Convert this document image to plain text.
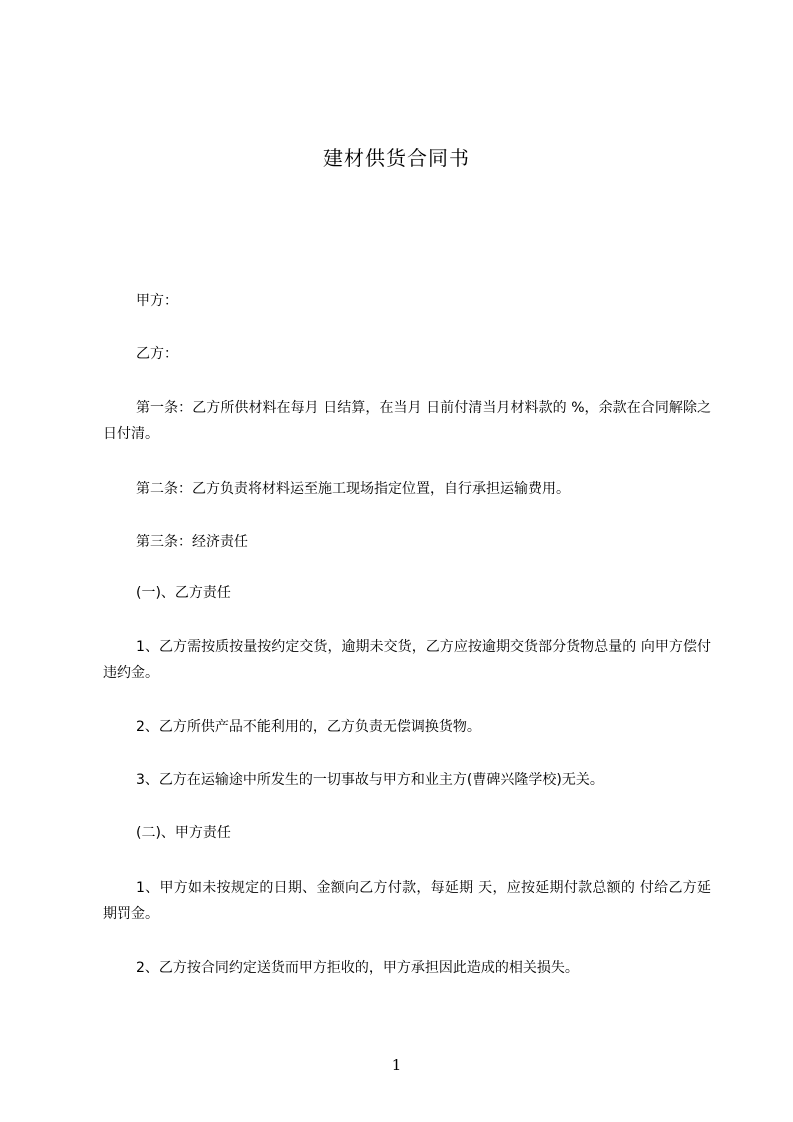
建材供货合同书
甲方：
乙方：
第一条：乙方所供材料在每月 日结算，在当月 日前付清当月材料款的 %，余款在合同解除之日付清。
第二条：乙方负责将材料运至施工现场指定位置，自行承担运输费用。
第三条：经济责任
(一)、乙方责任
1、乙方需按质按量按约定交货，逾期未交货，乙方应按逾期交货部分货物总量的 向甲方偿付违约金。
2、乙方所供产品不能利用的，乙方负责无偿调换货物。
3、乙方在运输途中所发生的一切事故与甲方和业主方(曹碑兴隆学校)无关。
(二)、甲方责任
1、甲方如未按规定的日期、金额向乙方付款，每延期 天，应按延期付款总额的 付给乙方延期罚金。
2、乙方按合同约定送货而甲方拒收的，甲方承担因此造成的相关损失。
1
